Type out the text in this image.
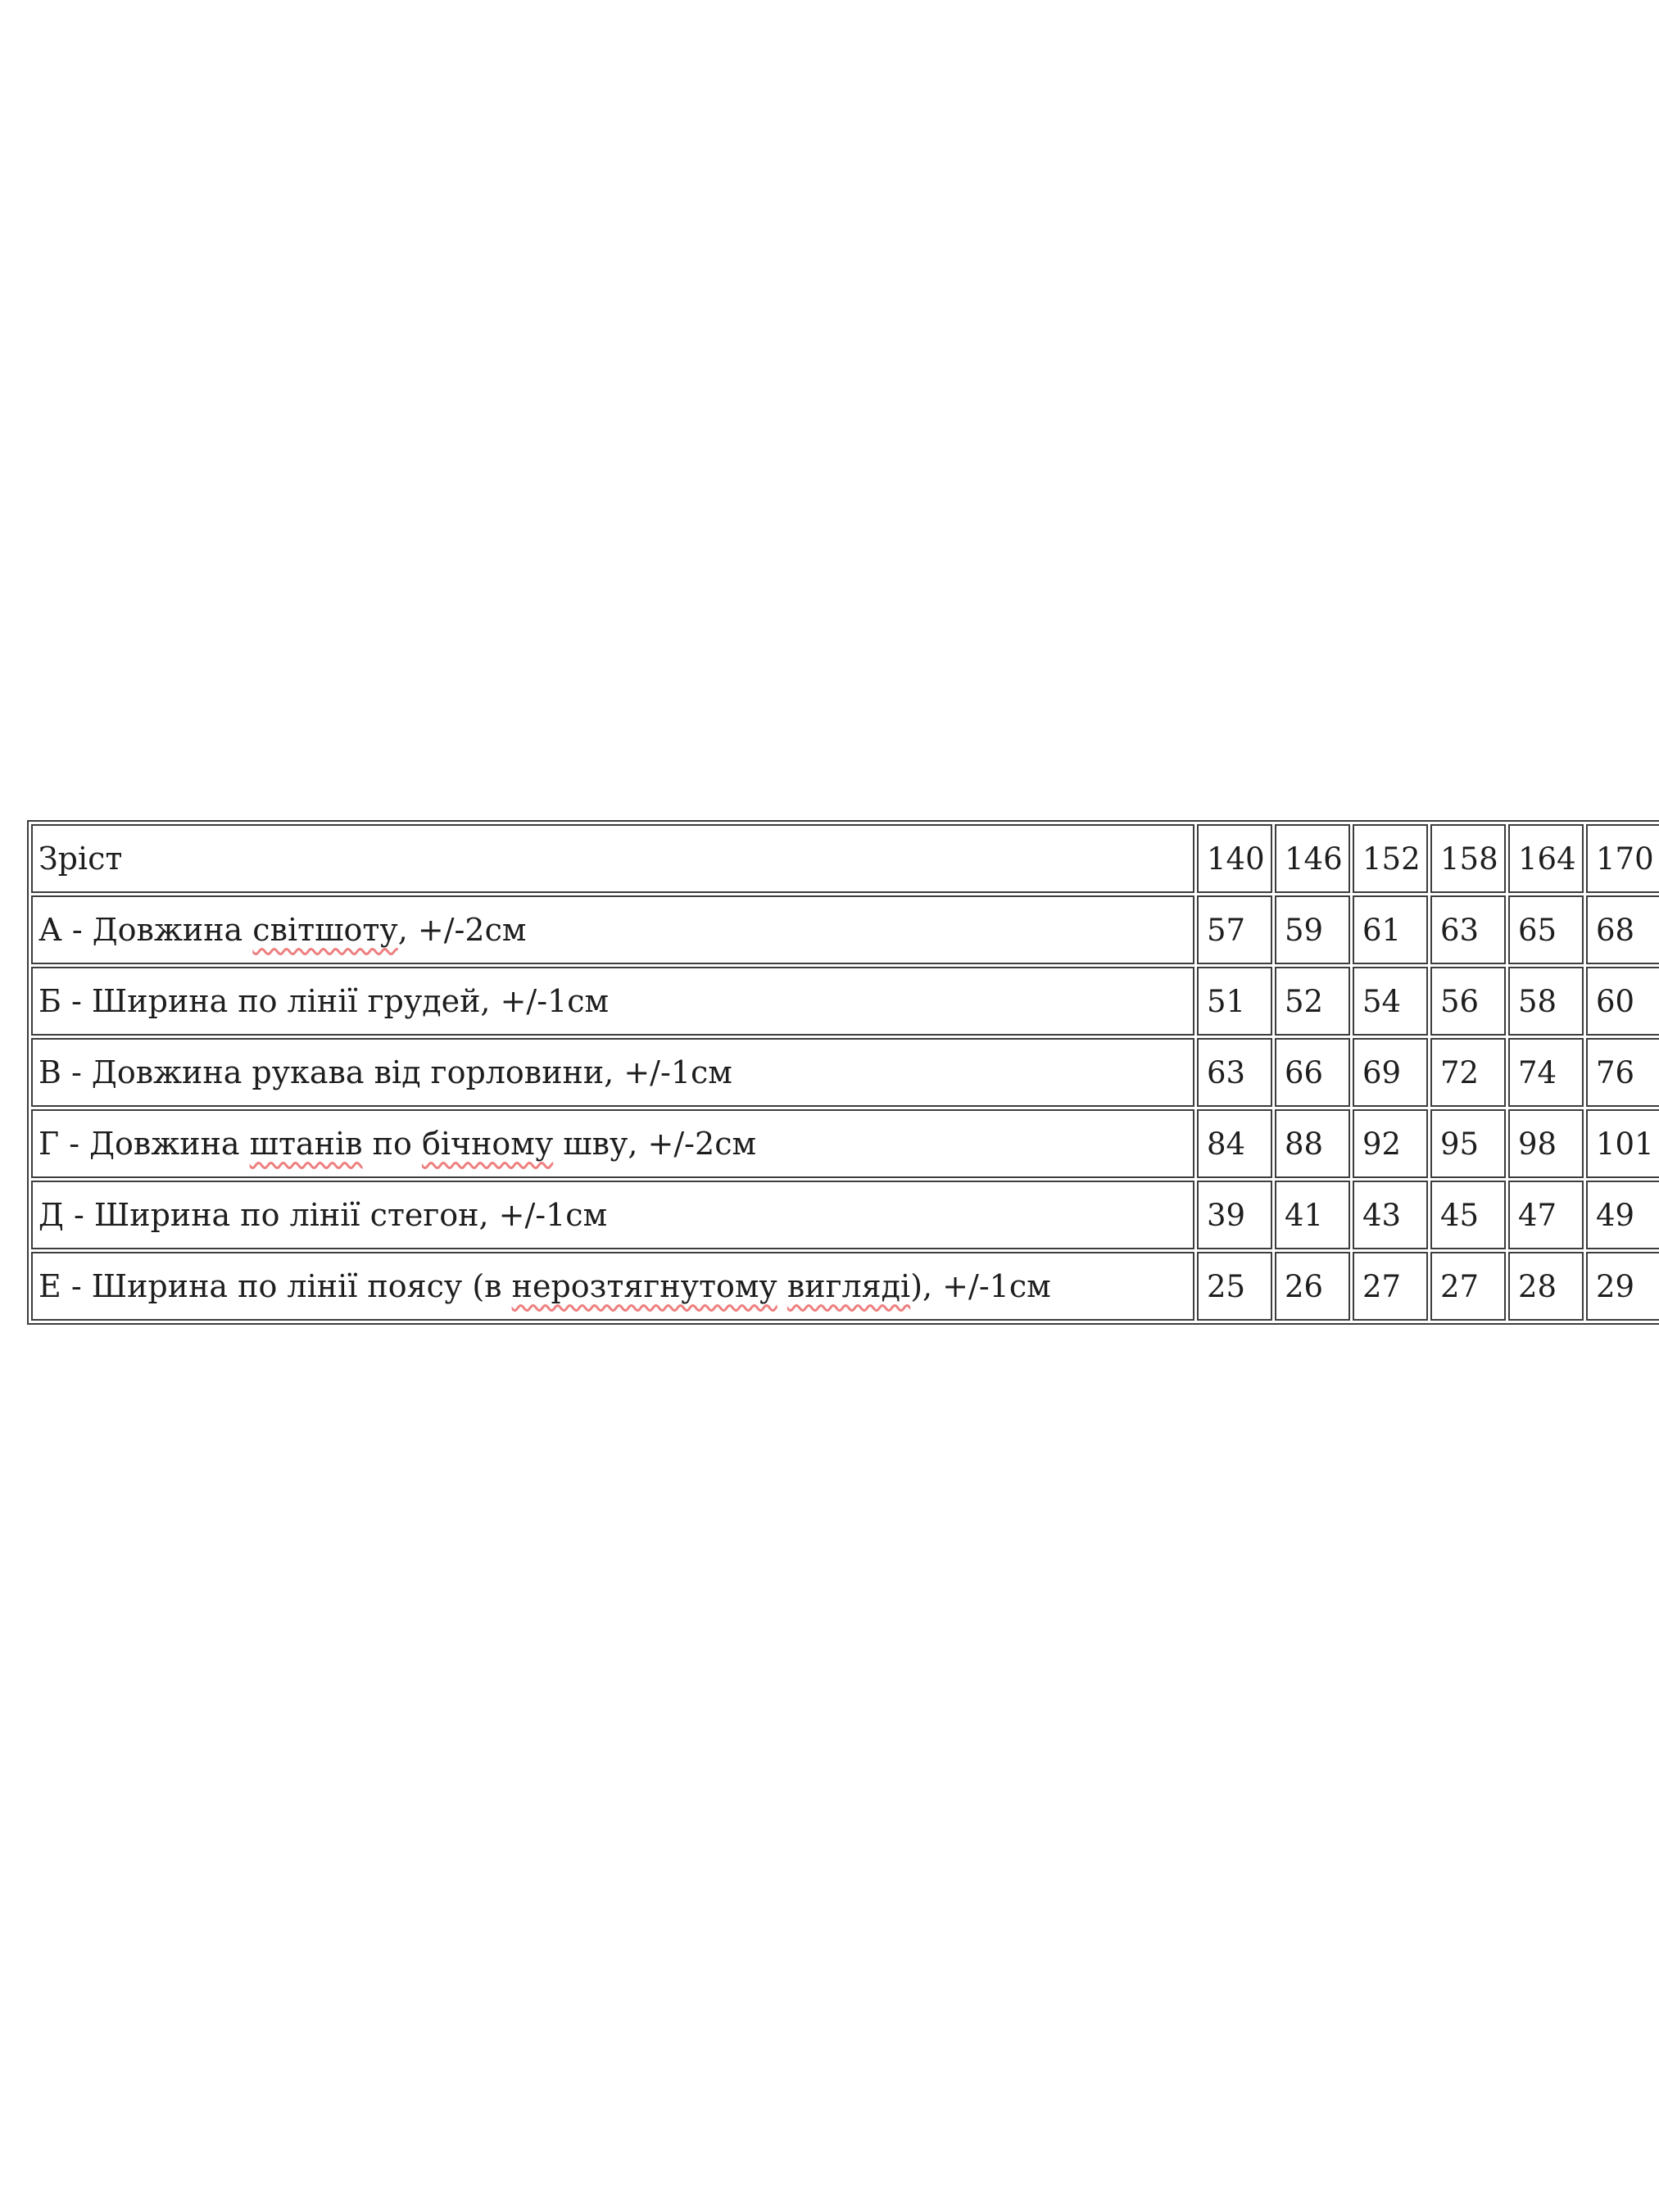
Зріст	140	146	152	158	164	170
А - Довжина світшоту, +/-2см	57	59	61	63	65	68
Б - Ширина по лінії грудей, +/-1см	51	52	54	56	58	60
В - Довжина рукава від горловини, +/-1см	63	66	69	72	74	76
Г - Довжина штанів по бічному шву, +/-2см	84	88	92	95	98	101
Д - Ширина по лінії стегон, +/-1см	39	41	43	45	47	49
Е - Ширина по лінії поясу (в нерозтягнутому вигляді), +/-1см	25	26	27	27	28	29
